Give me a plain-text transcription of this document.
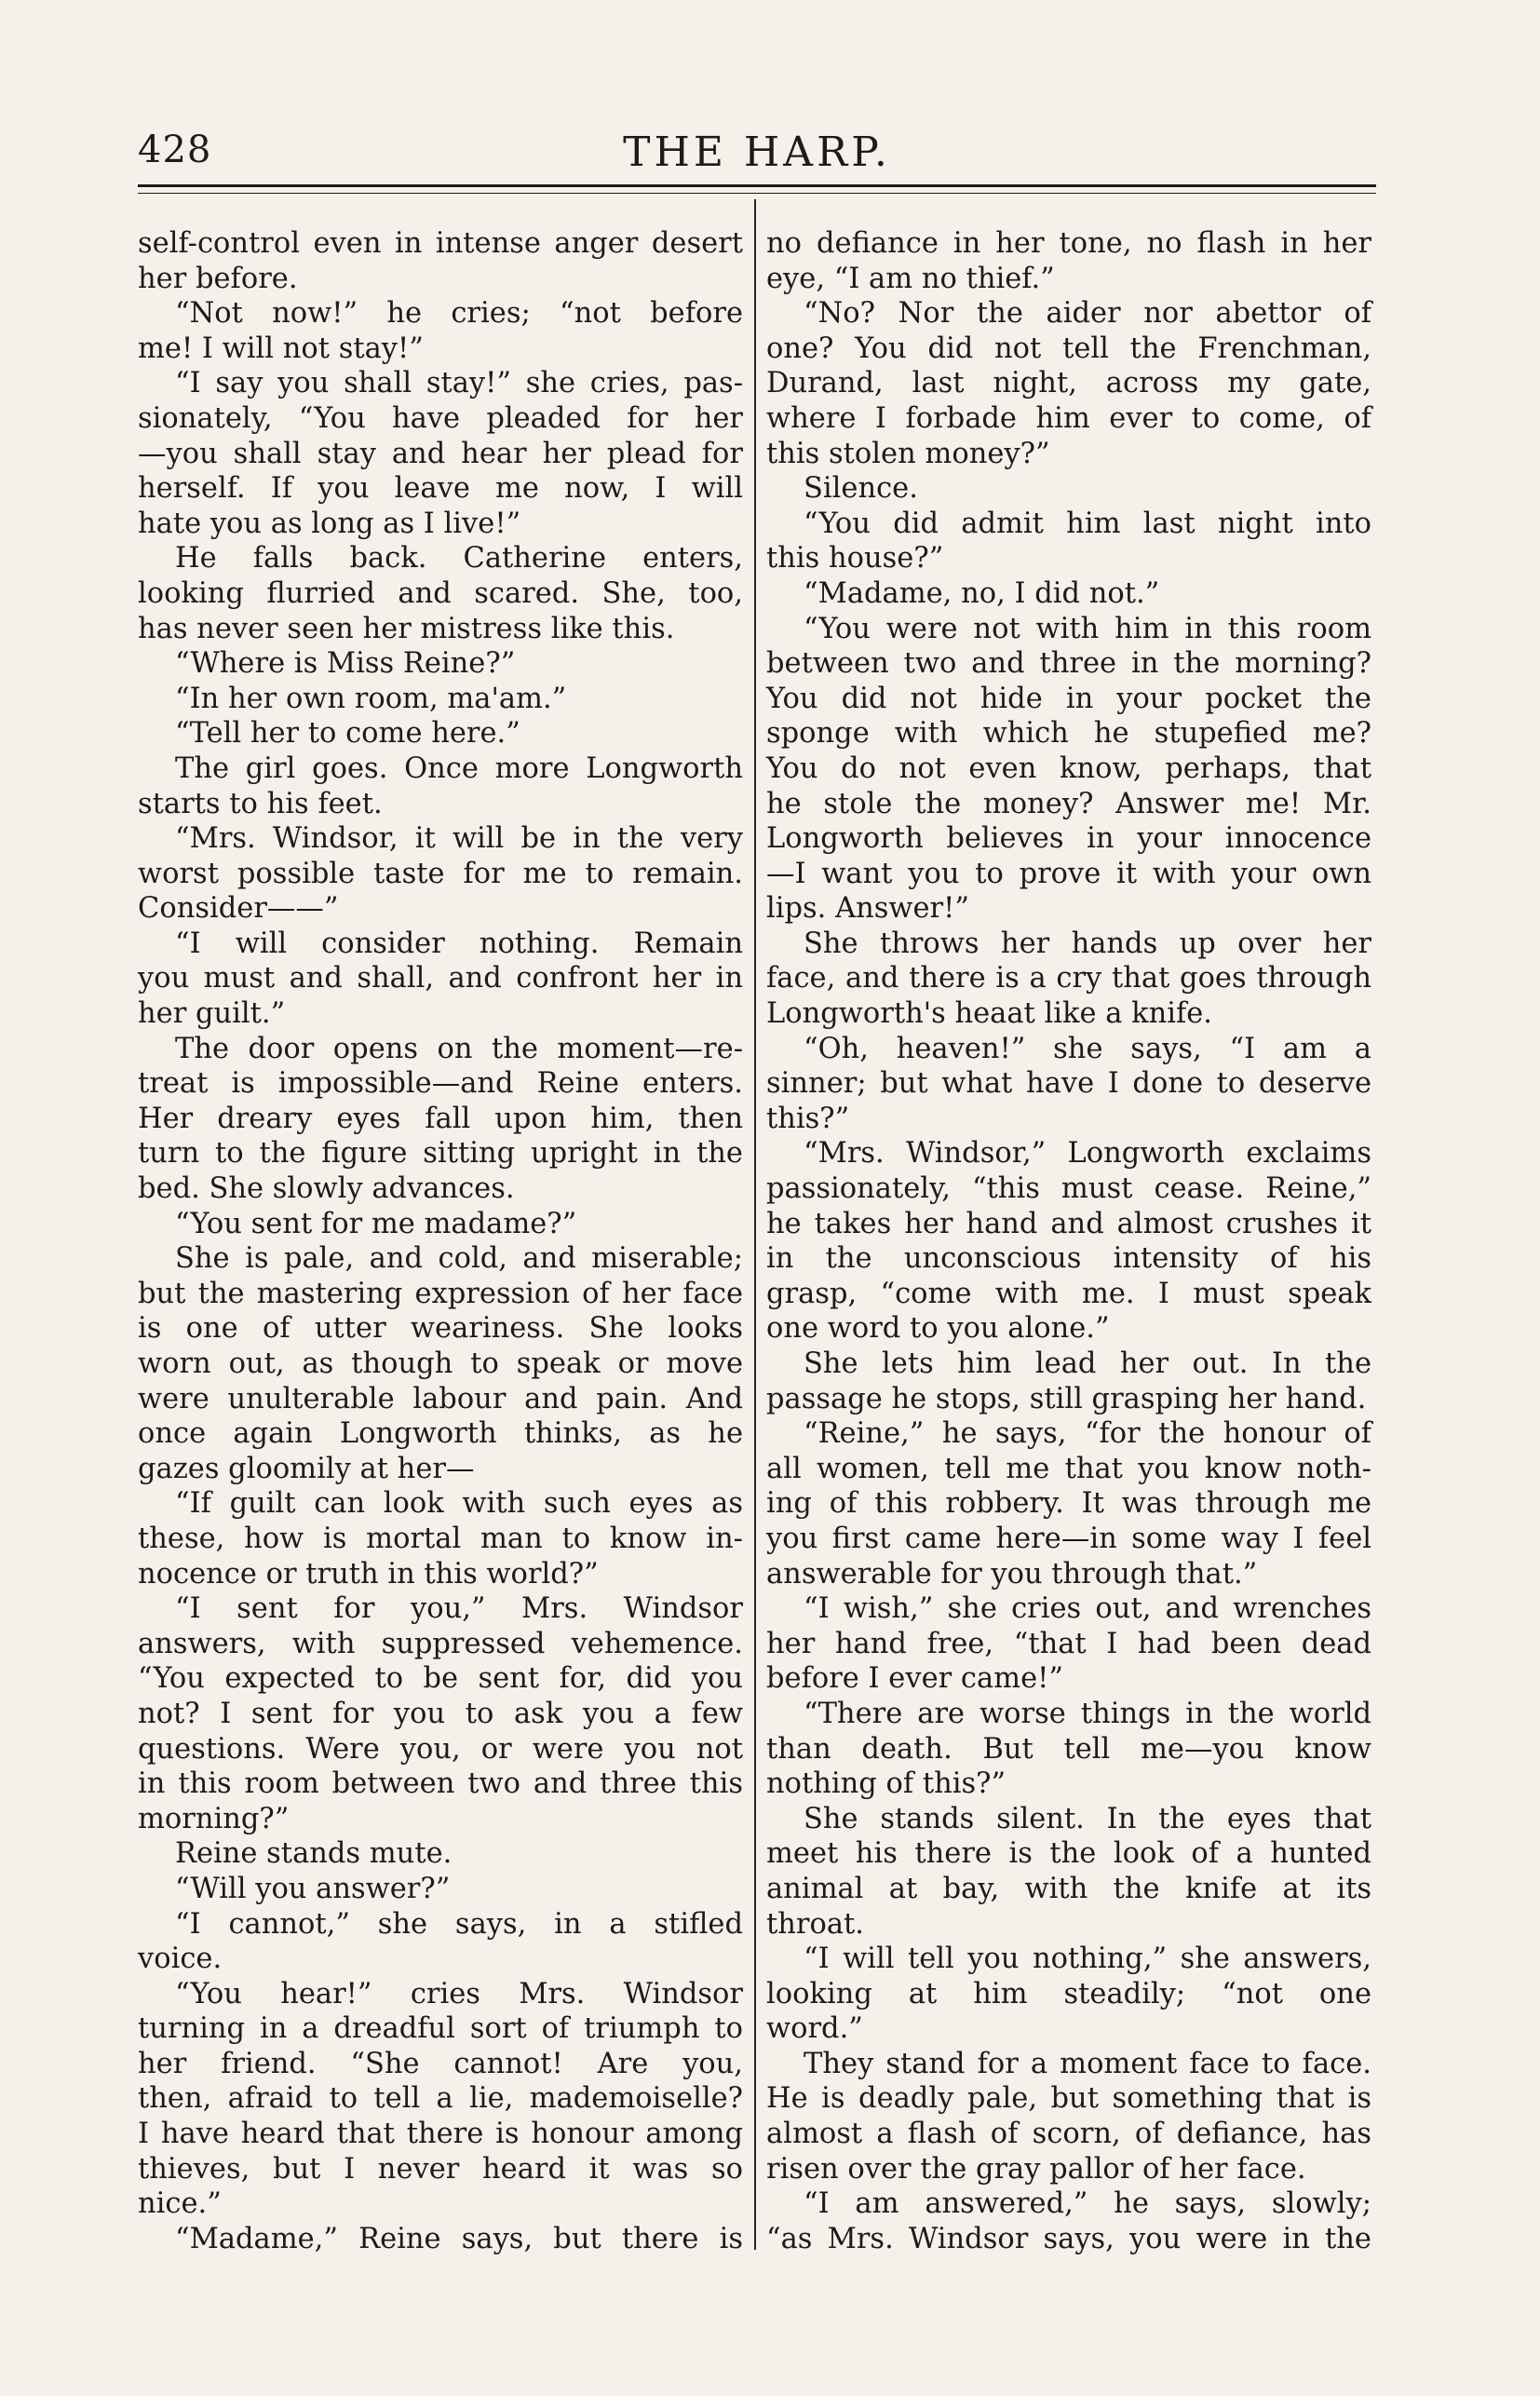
428	THE HARP.
self-control even in intense anger desert
her before.
“Not now!” he cries; “not before
me! I will not stay!”
“I say you shall stay!” she cries, pas-
sionately, “You have pleaded for her
—you shall stay and hear her plead for
herself. If you leave me now, I will
hate you as long as I live!”
He falls back. Catherine enters,
looking flurried and scared. She, too,
has never seen her mistress like this.
“Where is Miss Reine?”
“In her own room, ma'am.”
“Tell her to come here.”
The girl goes. Once more Longworth
starts to his feet.
“Mrs. Windsor, it will be in the very
worst possible taste for me to remain.
Consider——”
“I will consider nothing. Remain
you must and shall, and confront her in
her guilt.”
The door opens on the moment—re-
treat is impossible—and Reine enters.
Her dreary eyes fall upon him, then
turn to the figure sitting upright in the
bed. She slowly advances.
“You sent for me madame?”
She is pale, and cold, and miserable;
but the mastering expression of her face
is one of utter weariness. She looks
worn out, as though to speak or move
were unulterable labour and pain. And
once again Longworth thinks, as he
gazes gloomily at her—
“If guilt can look with such eyes as
these, how is mortal man to know in-
nocence or truth in this world?”
“I sent for you,” Mrs. Windsor
answers, with suppressed vehemence.
“You expected to be sent for, did you
not? I sent for you to ask you a few
questions. Were you, or were you not
in this room between two and three this
morning?”
Reine stands mute.
“Will you answer?”
“I cannot,” she says, in a stifled
voice.
“You hear!” cries Mrs. Windsor
turning in a dreadful sort of triumph to
her friend. “She cannot! Are you,
then, afraid to tell a lie, mademoiselle?
I have heard that there is honour among
thieves, but I never heard it was so
nice.”
“Madame,” Reine says, but there is
no defiance in her tone, no flash in her
eye, “I am no thief.”
“No? Nor the aider nor abettor of
one? You did not tell the Frenchman,
Durand, last night, across my gate,
where I forbade him ever to come, of
this stolen money?”
Silence.
“You did admit him last night into
this house?”
“Madame, no, I did not.”
“You were not with him in this room
between two and three in the morning?
You did not hide in your pocket the
sponge with which he stupefied me?
You do not even know, perhaps, that
he stole the money? Answer me! Mr.
Longworth believes in your innocence
—I want you to prove it with your own
lips. Answer!”
She throws her hands up over her
face, and there is a cry that goes through
Longworth's heaat like a knife.
“Oh, heaven!” she says, “I am a
sinner; but what have I done to deserve
this?”
“Mrs. Windsor,” Longworth exclaims
passionately, “this must cease. Reine,”
he takes her hand and almost crushes it
in the unconscious intensity of his
grasp, “come with me. I must speak
one word to you alone.”
She lets him lead her out. In the
passage he stops, still grasping her hand.
“Reine,” he says, “for the honour of
all women, tell me that you know noth-
ing of this robbery. It was through me
you first came here—in some way I feel
answerable for you through that.”
“I wish,” she cries out, and wrenches
her hand free, “that I had been dead
before I ever came!”
“There are worse things in the world
than death. But tell me—you know
nothing of this?”
She stands silent. In the eyes that
meet his there is the look of a hunted
animal at bay, with the knife at its
throat.
“I will tell you nothing,” she answers,
looking at him steadily; “not one
word.”
They stand for a moment face to face.
He is deadly pale, but something that is
almost a flash of scorn, of defiance, has
risen over the gray pallor of her face.
“I am answered,” he says, slowly;
“as Mrs. Windsor says, you were in the
